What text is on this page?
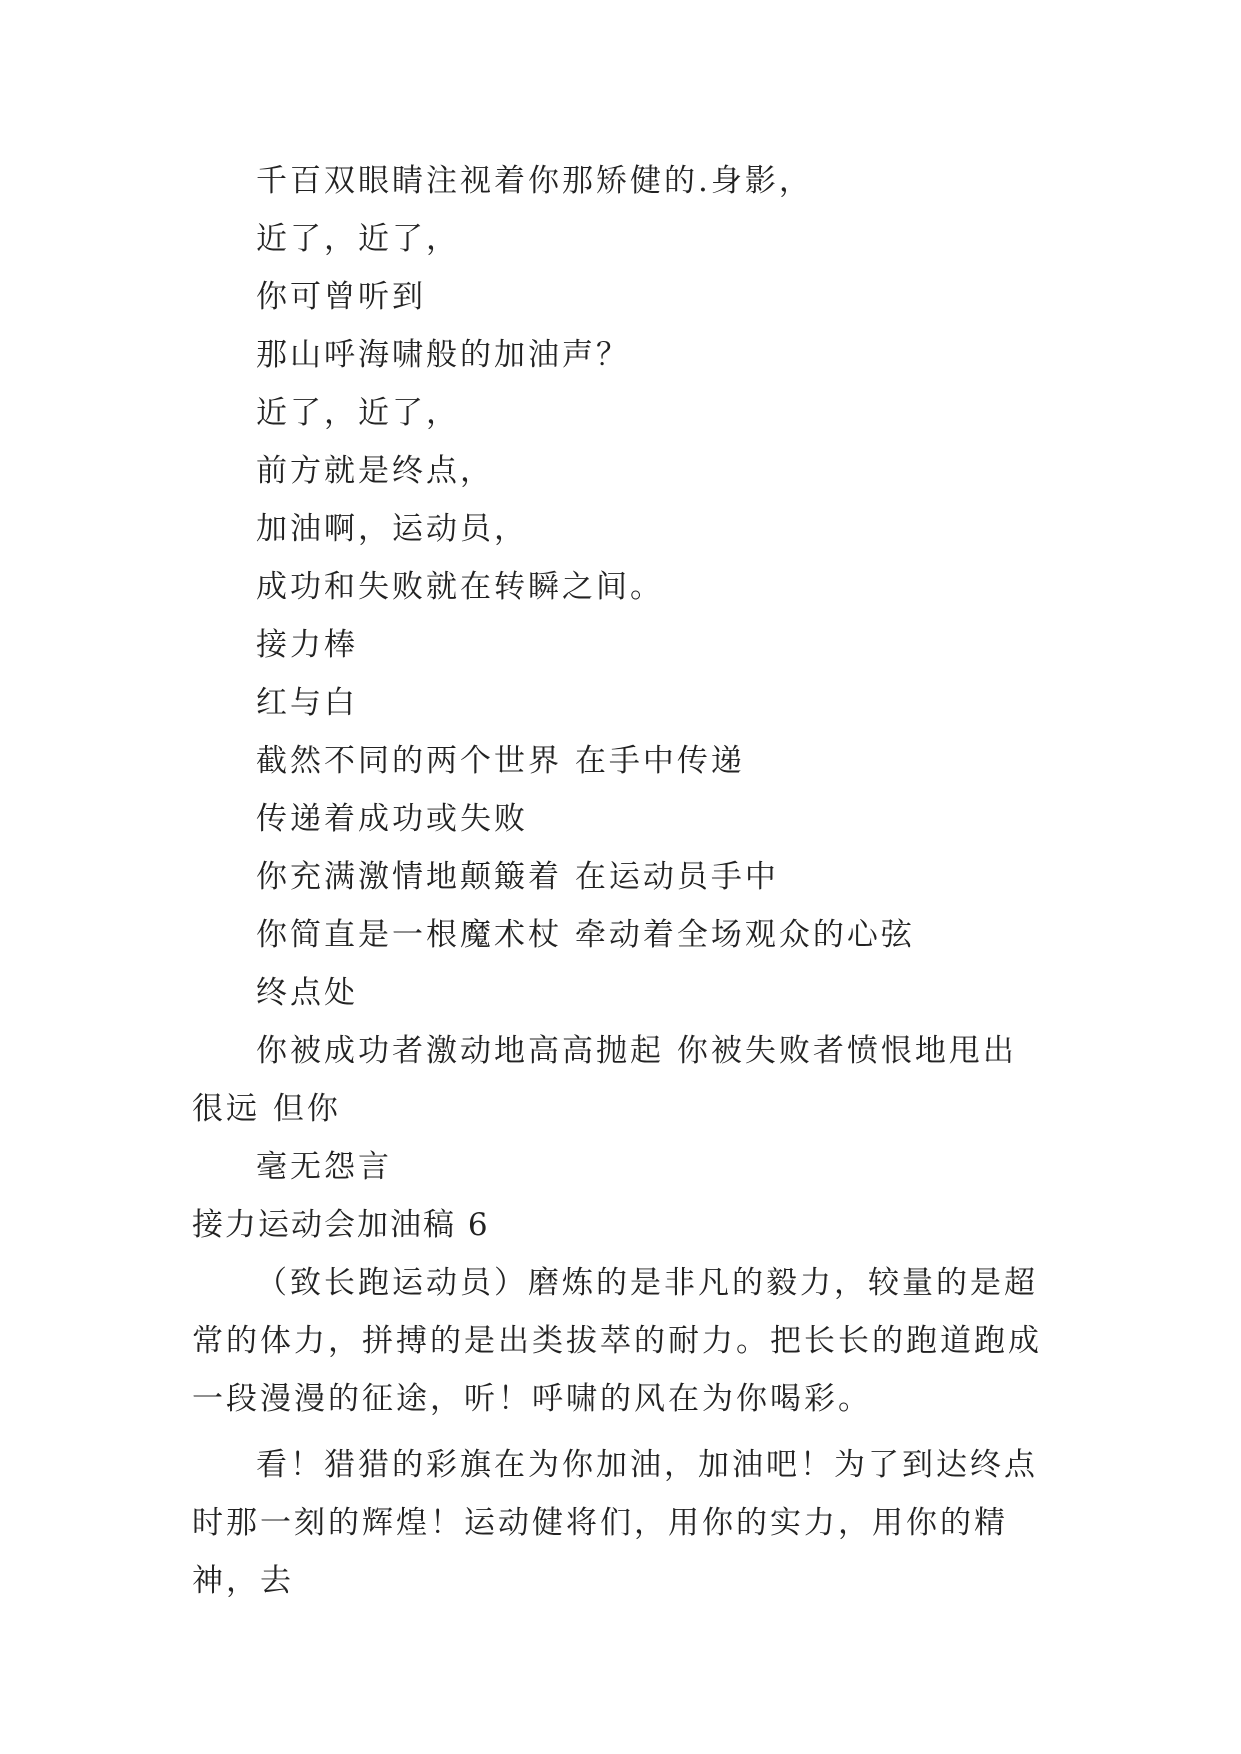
千百双眼睛注视着你那矫健的.身影，
近了，近了，
你可曾听到
那山呼海啸般的加油声？
近了，近了，
前方就是终点，
加油啊，运动员，
成功和失败就在转瞬之间。
接力棒
红与白
截然不同的两个世界 在手中传递
传递着成功或失败
你充满激情地颠簸着 在运动员手中
你简直是一根魔术杖 牵动着全场观众的心弦
终点处
你被成功者激动地高高抛起 你被失败者愤恨地甩出很远 但你
毫无怨言
接力运动会加油稿 6
（致长跑运动员）磨炼的是非凡的毅力，较量的是超常的体力，拼搏的是出类拔萃的耐力。把长长的跑道跑成一段漫漫的征途，听！呼啸的风在为你喝彩。
看！猎猎的彩旗在为你加油，加油吧！为了到达终点时那一刻的辉煌！运动健将们，用你的实力，用你的精神，去
